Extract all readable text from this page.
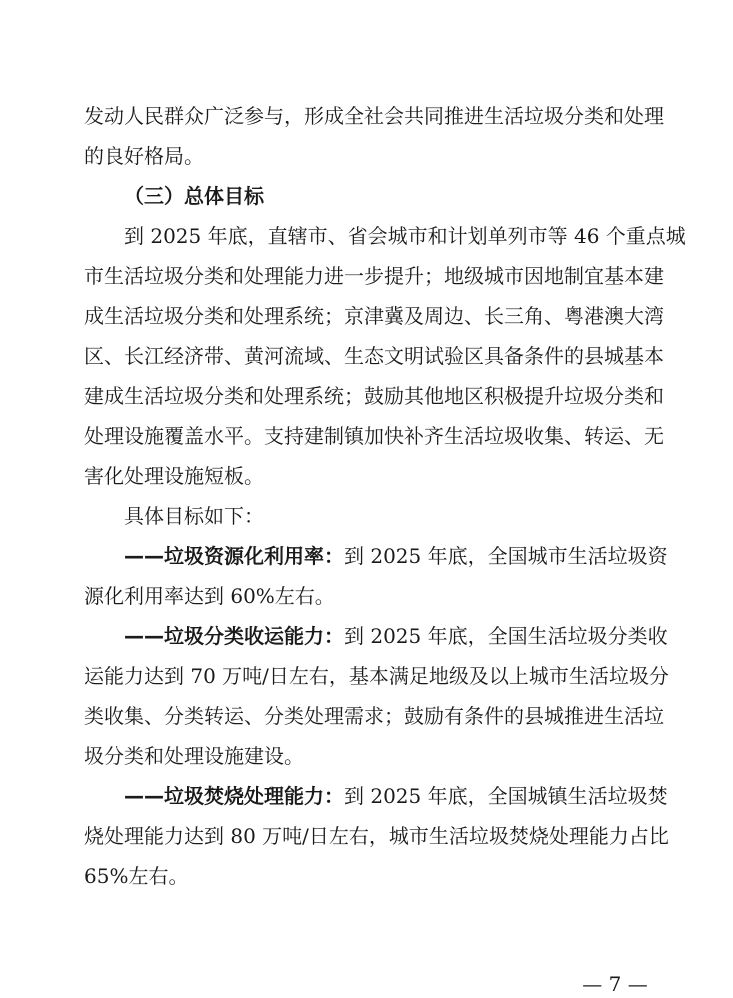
发动人民群众广泛参与，形成全社会共同推进生活垃圾分类和处理
的良好格局。
（三）总体目标
到 2025 年底，直辖市、省会城市和计划单列市等 46 个重点城
市生活垃圾分类和处理能力进一步提升；地级城市因地制宜基本建
成生活垃圾分类和处理系统；京津冀及周边、长三角、粤港澳大湾
区、长江经济带、黄河流域、生态文明试验区具备条件的县城基本
建成生活垃圾分类和处理系统；鼓励其他地区积极提升垃圾分类和
处理设施覆盖水平。支持建制镇加快补齐生活垃圾收集、转运、无
害化处理设施短板。
具体目标如下：
——垃圾资源化利用率：到 2025 年底，全国城市生活垃圾资
源化利用率达到 60%左右。
——垃圾分类收运能力：到 2025 年底，全国生活垃圾分类收
运能力达到 70 万吨/日左右，基本满足地级及以上城市生活垃圾分
类收集、分类转运、分类处理需求；鼓励有条件的县城推进生活垃
圾分类和处理设施建设。
——垃圾焚烧处理能力：到 2025 年底，全国城镇生活垃圾焚
烧处理能力达到 80 万吨/日左右，城市生活垃圾焚烧处理能力占比
65%左右。
— 7 —
